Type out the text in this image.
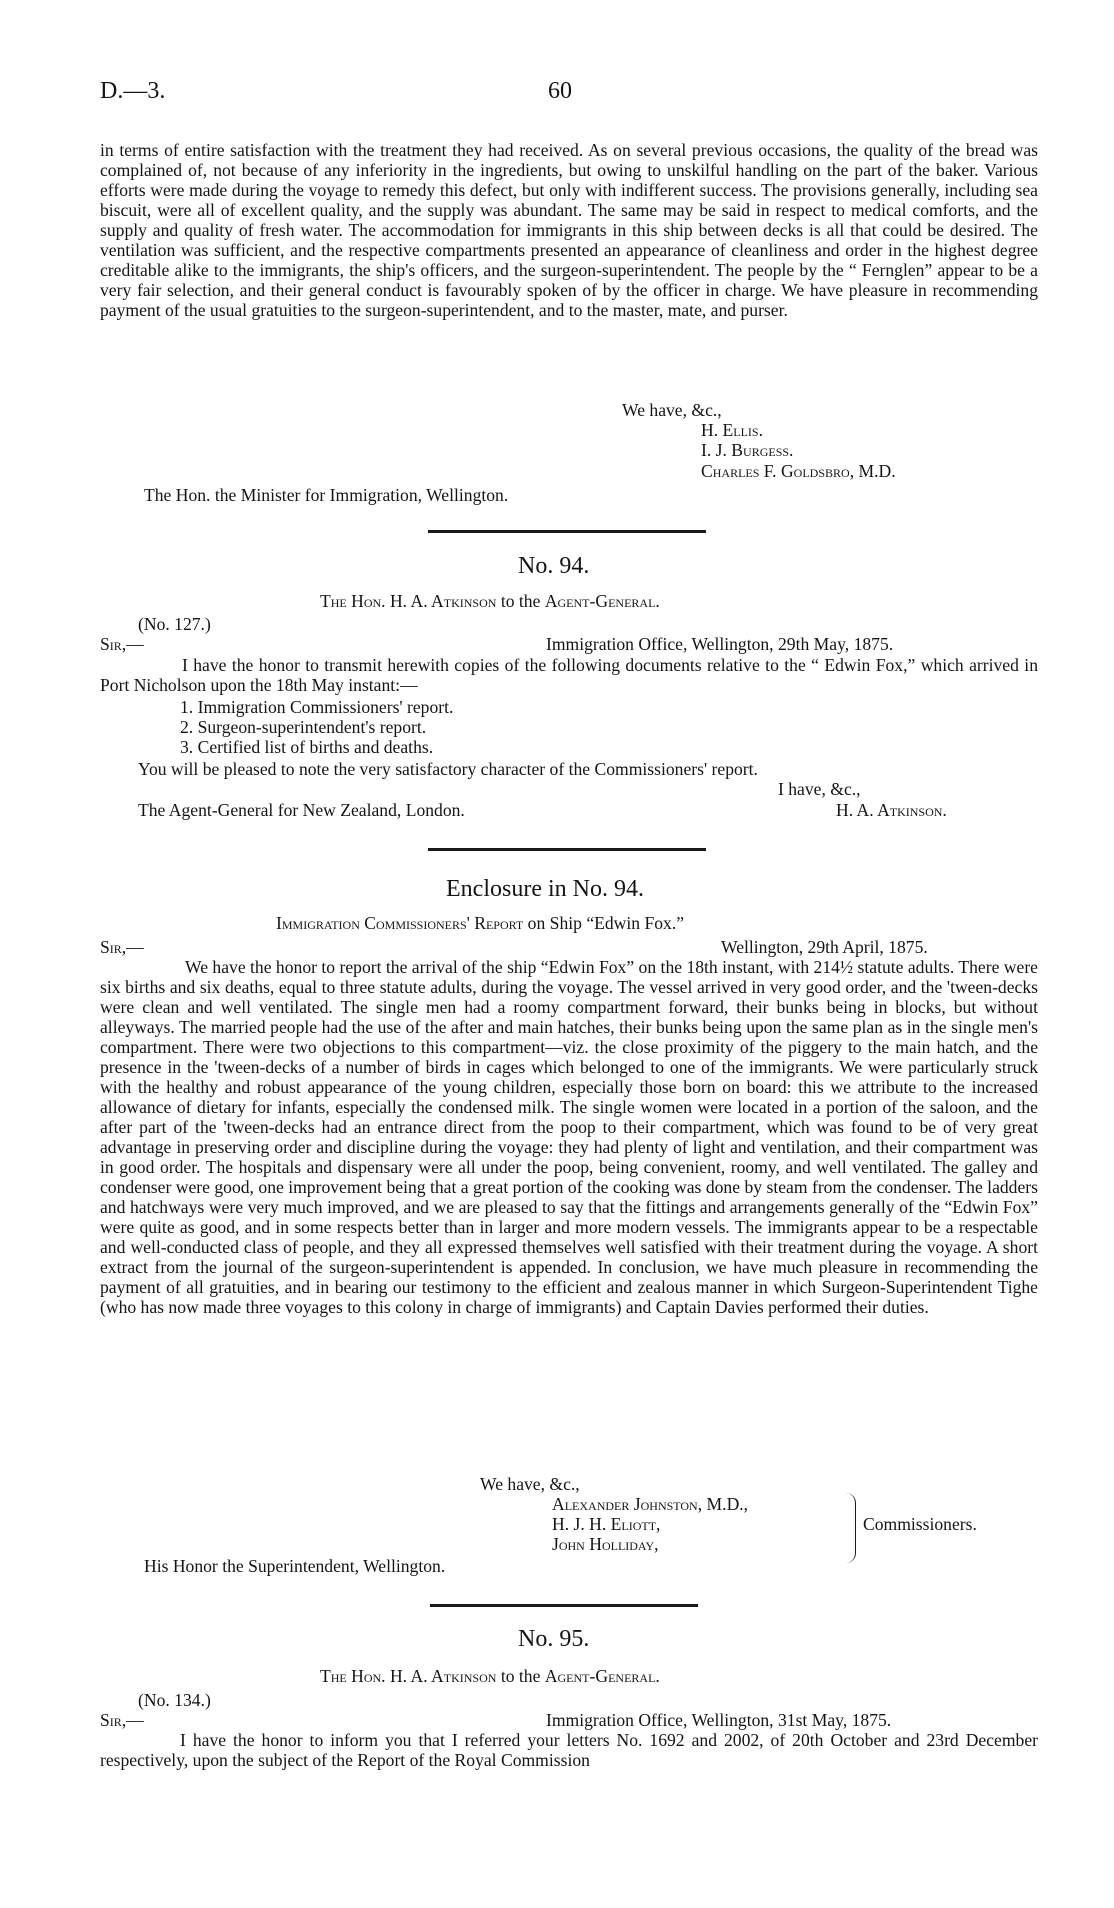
D.—3.	60

in terms of entire satisfaction with the treatment they had received. As on several previous occasions, the quality of the bread was complained of, not because of any inferiority in the ingredients, but owing to unskilful handling on the part of the baker. Various efforts were made during the voyage to remedy this defect, but only with indifferent success. The provisions generally, including sea biscuit, were all of excellent quality, and the supply was abundant. The same may be said in respect to medical comforts, and the supply and quality of fresh water. The accommodation for immigrants in this ship between decks is all that could be desired. The ventilation was sufficient, and the respective compartments presented an appearance of cleanliness and order in the highest degree creditable alike to the immigrants, the ship's officers, and the surgeon-superintendent. The people by the “ Fernglen” appear to be a very fair selection, and their general conduct is favourably spoken of by the officer in charge. We have pleasure in recommending payment of the usual gratuities to the surgeon-superintendent, and to the master, mate, and purser.

We have, &c.,
H. Ellis.
I. J. Burgess.
Charles F. Goldsbro, M.D.
The Hon. the Minister for Immigration, Wellington.
No. 94.
The Hon. H. A. Atkinson to the Agent-General.
(No. 127.)
Sir,—	Immigration Office, Wellington, 29th May, 1875.

I have the honor to transmit herewith copies of the following documents relative to the “ Edwin Fox,” which arrived in Port Nicholson upon the 18th May instant:—

1. Immigration Commissioners' report.
2. Surgeon-superintendent's report.
3. Certified list of births and deaths.
You will be pleased to note the very satisfactory character of the Commissioners' report.
I have, &c.,
The Agent-General for New Zealand, London.	H. A. Atkinson.
Enclosure in No. 94.
Immigration Commissioners' Report on Ship “Edwin Fox.”
Sir,—	Wellington, 29th April, 1875.

We have the honor to report the arrival of the ship “Edwin Fox” on the 18th instant, with 214½ statute adults. There were six births and six deaths, equal to three statute adults, during the voyage. The vessel arrived in very good order, and the 'tween-decks were clean and well ventilated. The single men had a roomy compartment forward, their bunks being in blocks, but without alleyways. The married people had the use of the after and main hatches, their bunks being upon the same plan as in the single men's compartment. There were two objections to this compartment—viz. the close proximity of the piggery to the main hatch, and the presence in the 'tween-decks of a number of birds in cages which belonged to one of the immigrants. We were particularly struck with the healthy and robust appearance of the young children, especially those born on board: this we attribute to the increased allowance of dietary for infants, especially the condensed milk. The single women were located in a portion of the saloon, and the after part of the 'tween-decks had an entrance direct from the poop to their compartment, which was found to be of very great advantage in preserving order and discipline during the voyage: they had plenty of light and ventilation, and their compartment was in good order. The hospitals and dispensary were all under the poop, being convenient, roomy, and well ventilated. The galley and condenser were good, one improvement being that a great portion of the cooking was done by steam from the condenser. The ladders and hatchways were very much improved, and we are pleased to say that the fittings and arrangements generally of the “Edwin Fox” were quite as good, and in some respects better than in larger and more modern vessels. The immigrants appear to be a respectable and well-conducted class of people, and they all expressed themselves well satisfied with their treatment during the voyage. A short extract from the journal of the surgeon-superintendent is appended. In conclusion, we have much pleasure in recommending the payment of all gratuities, and in bearing our testimony to the efficient and zealous manner in which Surgeon-Superintendent Tighe (who has now made three voyages to this colony in charge of immigrants) and Captain Davies performed their duties.

We have, &c.,
Alexander Johnston, M.D.,
H. J. H. Eliott,
John Holliday,
Commissioners.
His Honor the Superintendent, Wellington.
No. 95.
The Hon. H. A. Atkinson to the Agent-General.
(No. 134.)
Sir,—	Immigration Office, Wellington, 31st May, 1875.

I have the honor to inform you that I referred your letters No. 1692 and 2002, of 20th October and 23rd December respectively, upon the subject of the Report of the Royal Commission
